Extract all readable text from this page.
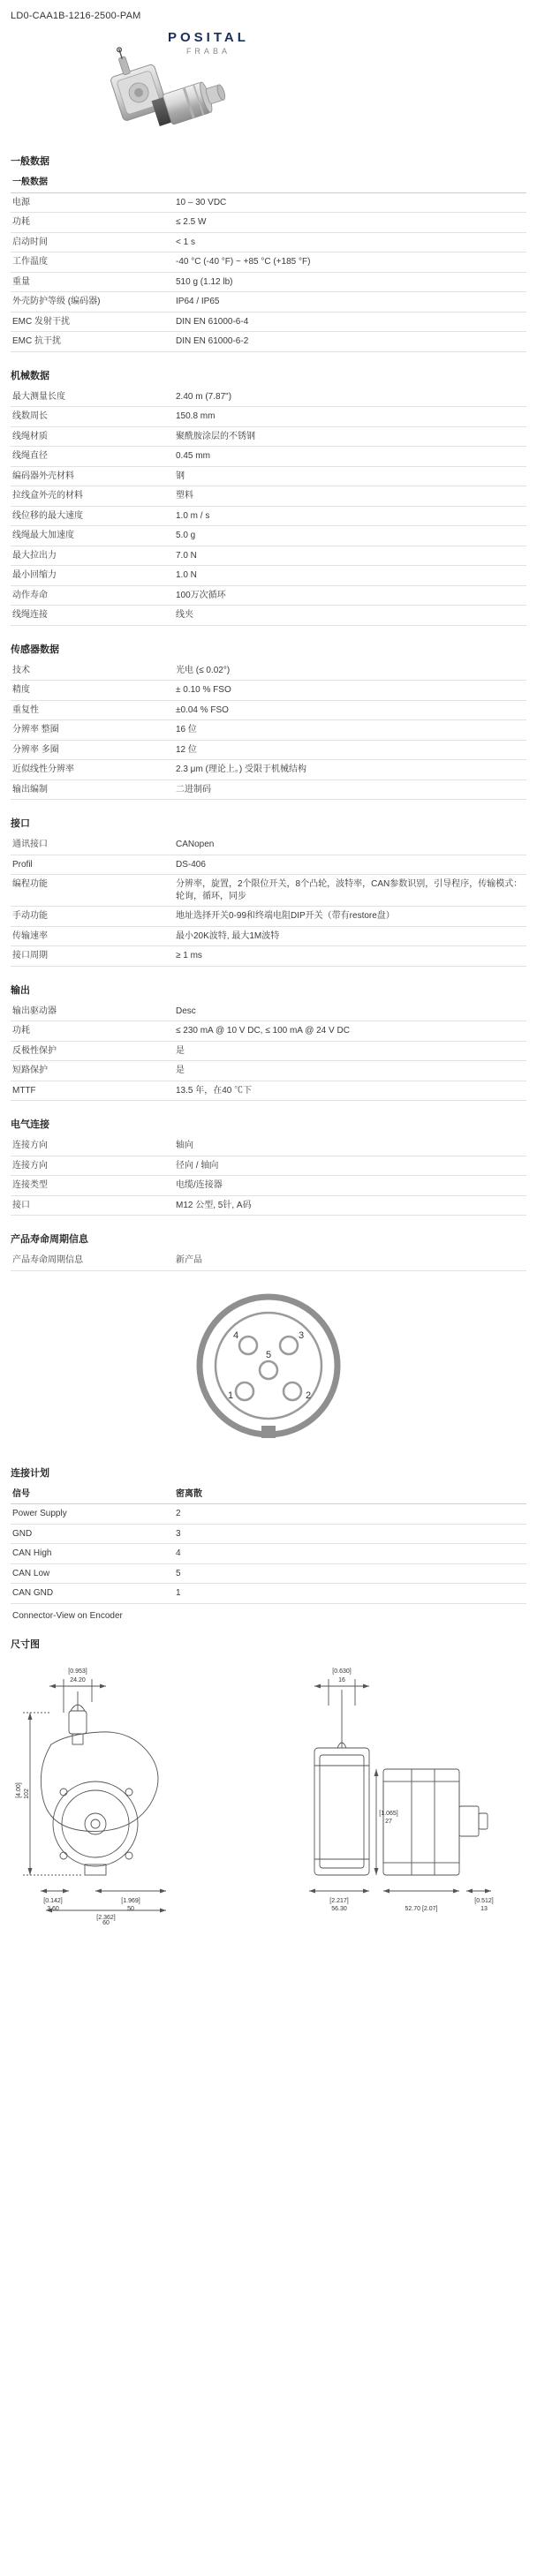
LD0-CAA1B-1216-2500-PAM
POSITAL
FRABA
一般数据
一般数据	
电源	10 – 30 VDC
功耗	≤ 2.5 W
启动时间	< 1 s
工作温度	-40 °C (-40 °F) ~ +85 °C (+185 °F)
重量	510 g (1.12 lb)
外壳防护等级 (编码器)	IP64 / IP65
EMC 发射干扰	DIN EN 61000-6-4
EMC 抗干扰	DIN EN 61000-6-2
机械数据
最大测量长度	2.40 m (7.87")
线数周长	150.8 mm
线绳材质	聚酰胺涂层的不锈钢
线绳直径	0.45 mm
编码器外壳材料	钢
拉线盒外壳的材料	塑料
线位移的最大速度	1.0 m / s
线绳最大加速度	5.0 g
最大拉出力	7.0 N
最小回缩力	1.0 N
动作寿命	100万次循环
线绳连接	线夹
传感器数据
技术	光电 (≤ 0.02°)
精度	± 0.10 % FSO
重复性	±0.04 % FSO
分辨率 整圈	16 位
分辨率 多圈	12 位
近似线性分辨率	2.3 μm (理论上。) 受限于机械结构
输出编制	二进制码
接口
通讯接口	CANopen
Profil	DS-406
编程功能	分辨率，旋置，2个限位开关，8个凸轮，波特率，CAN参数识别，引导程序，传输模式：轮询，循环，同步
手动功能	地址选择开关0-99和终端电阻DIP开关（带有restore盘）
传输速率	最小20K波特, 最大1M波特
接口周期	≥ 1 ms
输出
输出驱动器	Desc
功耗	≤ 230 mA @ 10 V DC, ≤ 100 mA @ 24 V DC
反极性保护	是
短路保护	是
MTTF	13.5 年，在40 ℃下
电气连接
连接方向	轴向
连接方向	径向 / 轴向
连接类型	电缆/连接器
接口	M12 公型, 5针, A码
产品寿命周期信息
产品寿命周期信息	新产品
4	3
5
1	2
连接计划
信号	密离散
Power Supply	2
GND	3
CAN High	4
CAN Low	5
CAN GND	1
Connector-View on Encoder
尺寸图
[0.953]
24.20
[4.00] 102
[0.142]
3.60
[1.969]
50
[2.362]
60
[0.630]
16
[1.065]
27
[2.217]
56.30	52.70 [2.07]
[0.512]
13
